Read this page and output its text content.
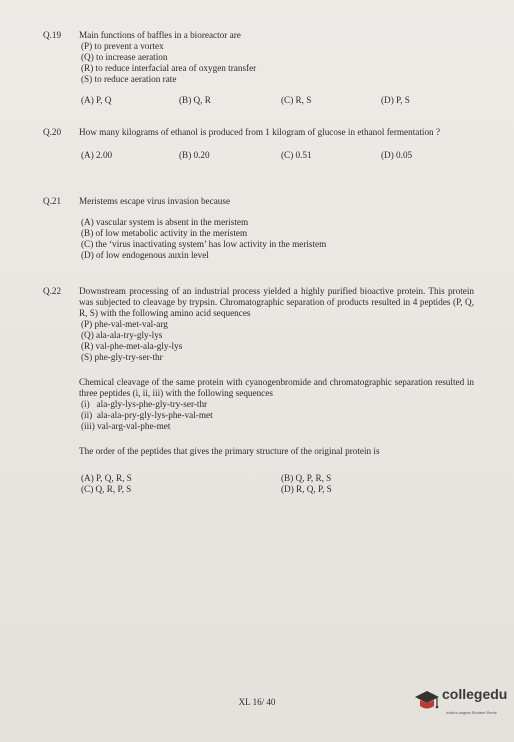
Q.19	Main functions of baffles in a bioreactor are
(P) to prevent a vortex
(Q) to increase aeration
(R) to reduce interfacial area of oxygen transfer
(S) to reduce aeration rate
(A) P, Q	(B) Q, R	(C) R, S	(D) P, S
Q.20	How many kilograms of ethanol is produced from 1 kilogram of glucose in ethanol fermentation ?
(A) 2.00	(B) 0.20	(C) 0.51	(D) 0.05
Q.21	Meristems escape virus invasion because
(A) vascular system is absent in the meristem
(B) of low metabolic activity in the meristem
(C) the ‘virus inactivating system’ has low activity in the meristem
(D) of low endogenous auxin level
Q.22	Downstream processing of an industrial process yielded a highly purified bioactive protein. This protein was subjected to cleavage by trypsin. Chromatographic separation of products resulted in 4 peptides (P, Q, R, S) with the following amino acid sequences
(P) phe-val-met-val-arg
(Q) ala-ala-try-gly-lys
(R) val-phe-met-ala-gly-lys
(S) phe-gly-try-ser-thr
Chemical cleavage of the same protein with cyanogenbromide and chromatographic separation resulted in three peptides (i, ii, iii) with the following sequences
(i)   ala-gly-lys-phe-gly-try-ser-thr
(ii)  ala-ala-pry-gly-lys-phe-val-met
(iii) val-arg-val-phe-met
The order of the peptides that gives the primary structure of the original protein is
(A) P, Q, R, S	(B) Q, P, R, S
(C) Q, R, P, S	(D) R, Q, P, S
XL 16/ 40	collegedu
India's largest Student Revie
